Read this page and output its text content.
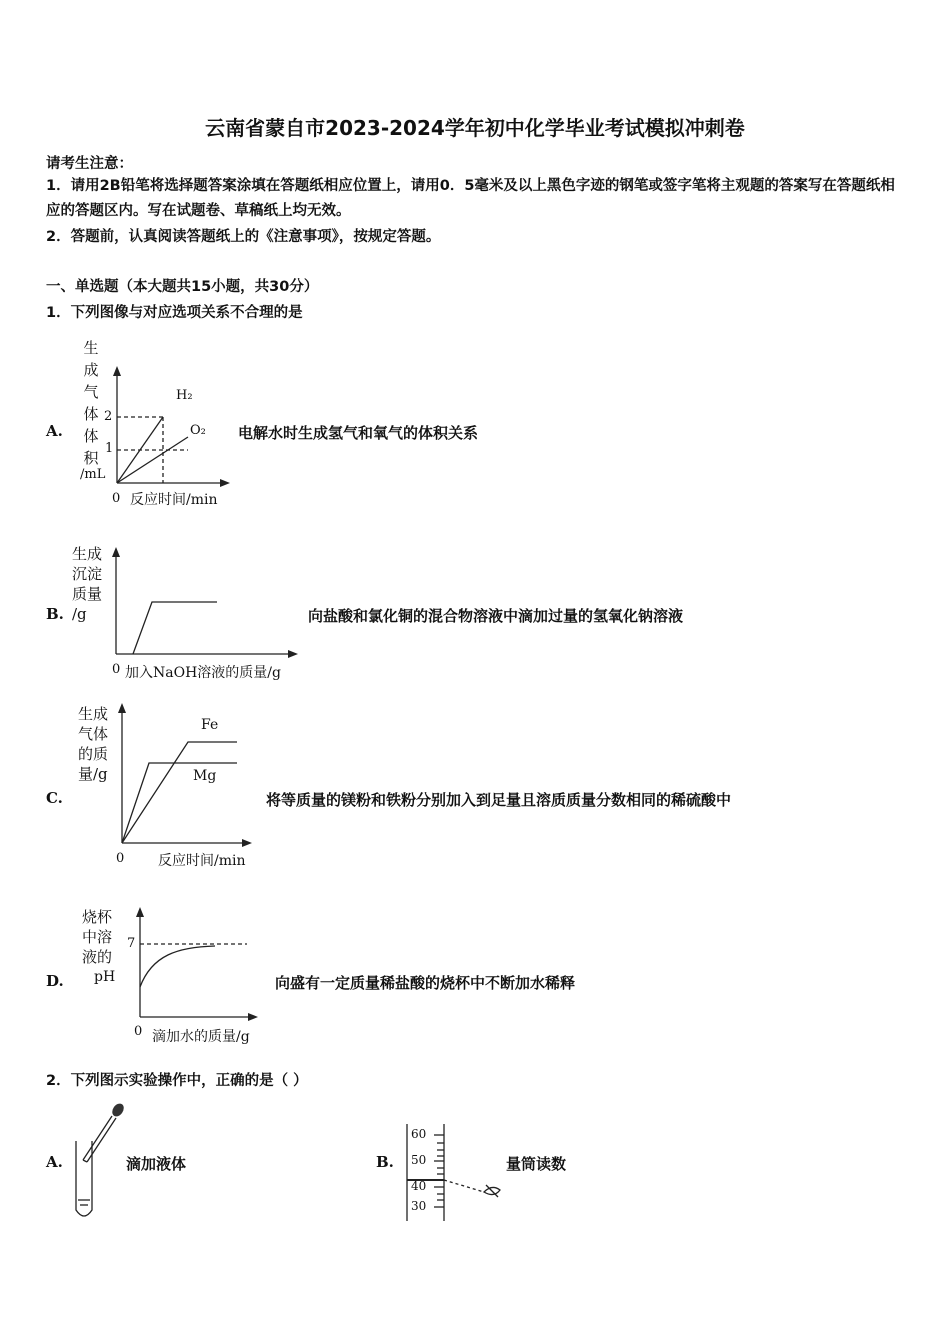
云南省蒙自市2023-2024学年初中化学毕业考试模拟冲刺卷
请考生注意：
1．请用2B铅笔将选择题答案涂填在答题纸相应位置上，请用0．5毫米及以上黑色字迹的钢笔或签字笔将主观题的答案写在答题纸相应的答题区内。写在试题卷、草稿纸上均无效。
2．答题前，认真阅读答题纸上的《注意事项》，按规定答题。
一、单选题（本大题共15小题，共30分）
1．下列图像与对应选项关系不合理的是
A.
生
成
气
体
体
积
/mL
2
1
H₂
O₂
0 反应时间/min
电解水时生成氢气和氧气的体积关系
B.
生成
沉淀
质量
/g
0 加入NaOH溶液的质量/g
向盐酸和氯化铜的混合物溶液中滴加过量的氢氧化钠溶液
C.
生成
气体
的质
量/g
Fe
Mg
0 反应时间/min
将等质量的镁粉和铁粉分别加入到足量且溶质质量分数相同的稀硫酸中
D.
烧杯
中溶
液的
pH
7
0 滴加水的质量/g
向盛有一定质量稀盐酸的烧杯中不断加水稀释
2．下列图示实验操作中，正确的是（ ）
A.	滴加液体	B.
60
50
40
30
量筒读数
